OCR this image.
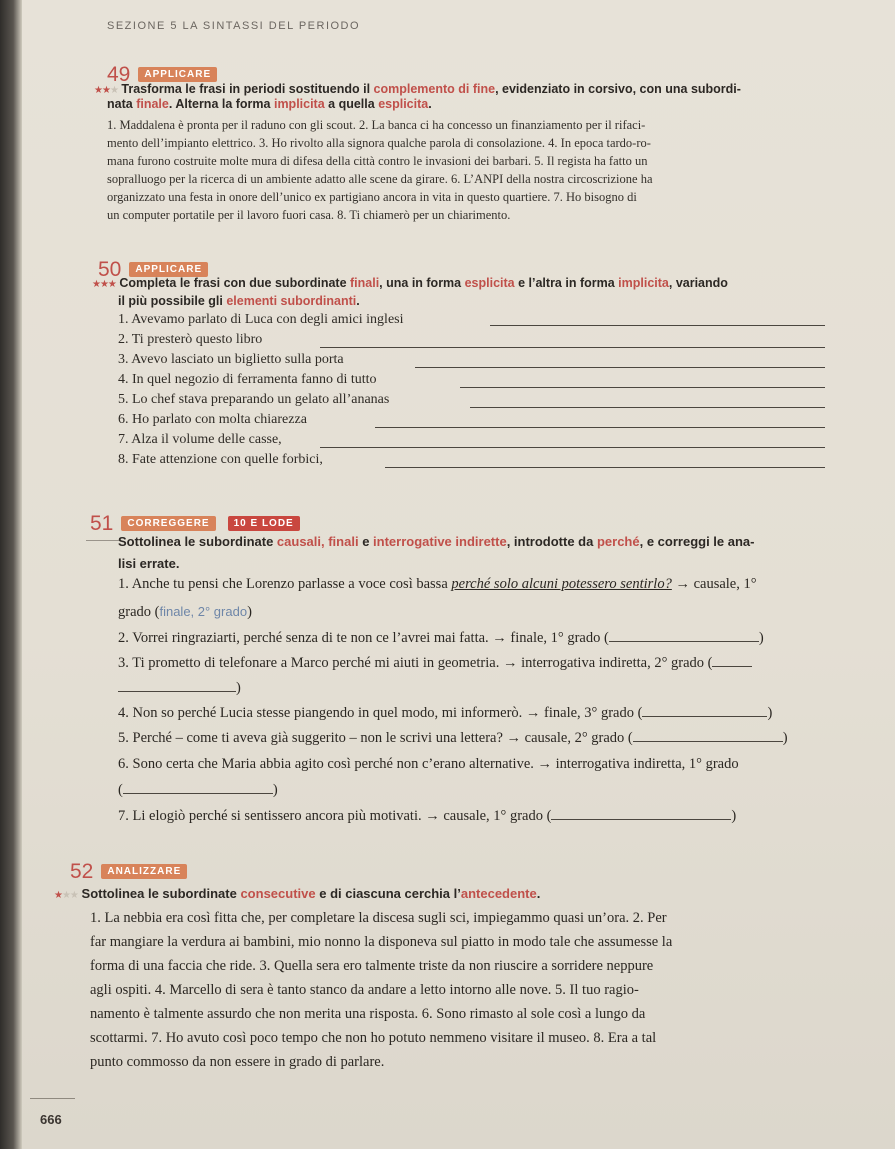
SEZIONE 5 LA SINTASSI DEL PERIODO
49 APPLICARE
★★★ Trasforma le frasi in periodi sostituendo il complemento di fine, evidenziato in corsivo, con una subordi-
nata finale. Alterna la forma implicita a quella esplicita.
1. Maddalena è pronta per il raduno con gli scout. 2. La banca ci ha concesso un finanziamento per il rifaci-
mento dell’impianto elettrico. 3. Ho rivolto alla signora qualche parola di consolazione. 4. In epoca tardo-ro-
mana furono costruite molte mura di difesa della città contro le invasioni dei barbari. 5. Il regista ha fatto un
sopralluogo per la ricerca di un ambiente adatto alle scene da girare. 6. L’ANPI della nostra circoscrizione ha
organizzato una festa in onore dell’unico ex partigiano ancora in vita in questo quartiere. 7. Ho bisogno di
un computer portatile per il lavoro fuori casa. 8. Ti chiamerò per un chiarimento.
50 APPLICARE
★★★ Completa le frasi con due subordinate finali, una in forma esplicita e l’altra in forma implicita, variando
il più possibile gli elementi subordinanti.
1. Avevamo parlato di Luca con degli amici inglesi
2. Ti presterò questo libro
3. Avevo lasciato un biglietto sulla porta
4. In quel negozio di ferramenta fanno di tutto
5. Lo chef stava preparando un gelato all’ananas
6. Ho parlato con molta chiarezza
7. Alza il volume delle casse,
8. Fate attenzione con quelle forbici,
51 CORREGGERE 10 E LODE
Sottolinea le subordinate causali, finali e interrogative indirette, introdotte da perché, e correggi le ana-
lisi errate.
1. Anche tu pensi che Lorenzo parlasse a voce così bassa perché solo alcuni potessero sentirlo? → causale, 1°
grado (finale, 2° grado)
2. Vorrei ringraziarti, perché senza di te non ce l’avrei mai fatta. → finale, 1° grado (	)
3. Ti prometto di telefonare a Marco perché mi aiuti in geometria. → interrogativa indiretta, 2° grado (
)
4. Non so perché Lucia stesse piangendo in quel modo, mi informerò. → finale, 3° grado (	)
5. Perché – come ti aveva già suggerito – non le scrivi una lettera? → causale, 2° grado (	)
6. Sono certa che Maria abbia agito così perché non c’erano alternative. → interrogativa indiretta, 1° grado
(	)
7. Li elogiò perché si sentissero ancora più motivati. → causale, 1° grado (	)
52 ANALIZZARE
★★★ Sottolinea le subordinate consecutive e di ciascuna cerchia l’antecedente.
1. La nebbia era così fitta che, per completare la discesa sugli sci, impiegammo quasi un’ora. 2. Per
far mangiare la verdura ai bambini, mio nonno la disponeva sul piatto in modo tale che assumesse la
forma di una faccia che ride. 3. Quella sera ero talmente triste da non riuscire a sorridere neppure
agli ospiti. 4. Marcello di sera è tanto stanco da andare a letto intorno alle nove. 5. Il tuo ragio-
namento è talmente assurdo che non merita una risposta. 6. Sono rimasto al sole così a lungo da
scottarmi. 7. Ho avuto così poco tempo che non ho potuto nemmeno visitare il museo. 8. Era a tal
punto commosso da non essere in grado di parlare.
666
